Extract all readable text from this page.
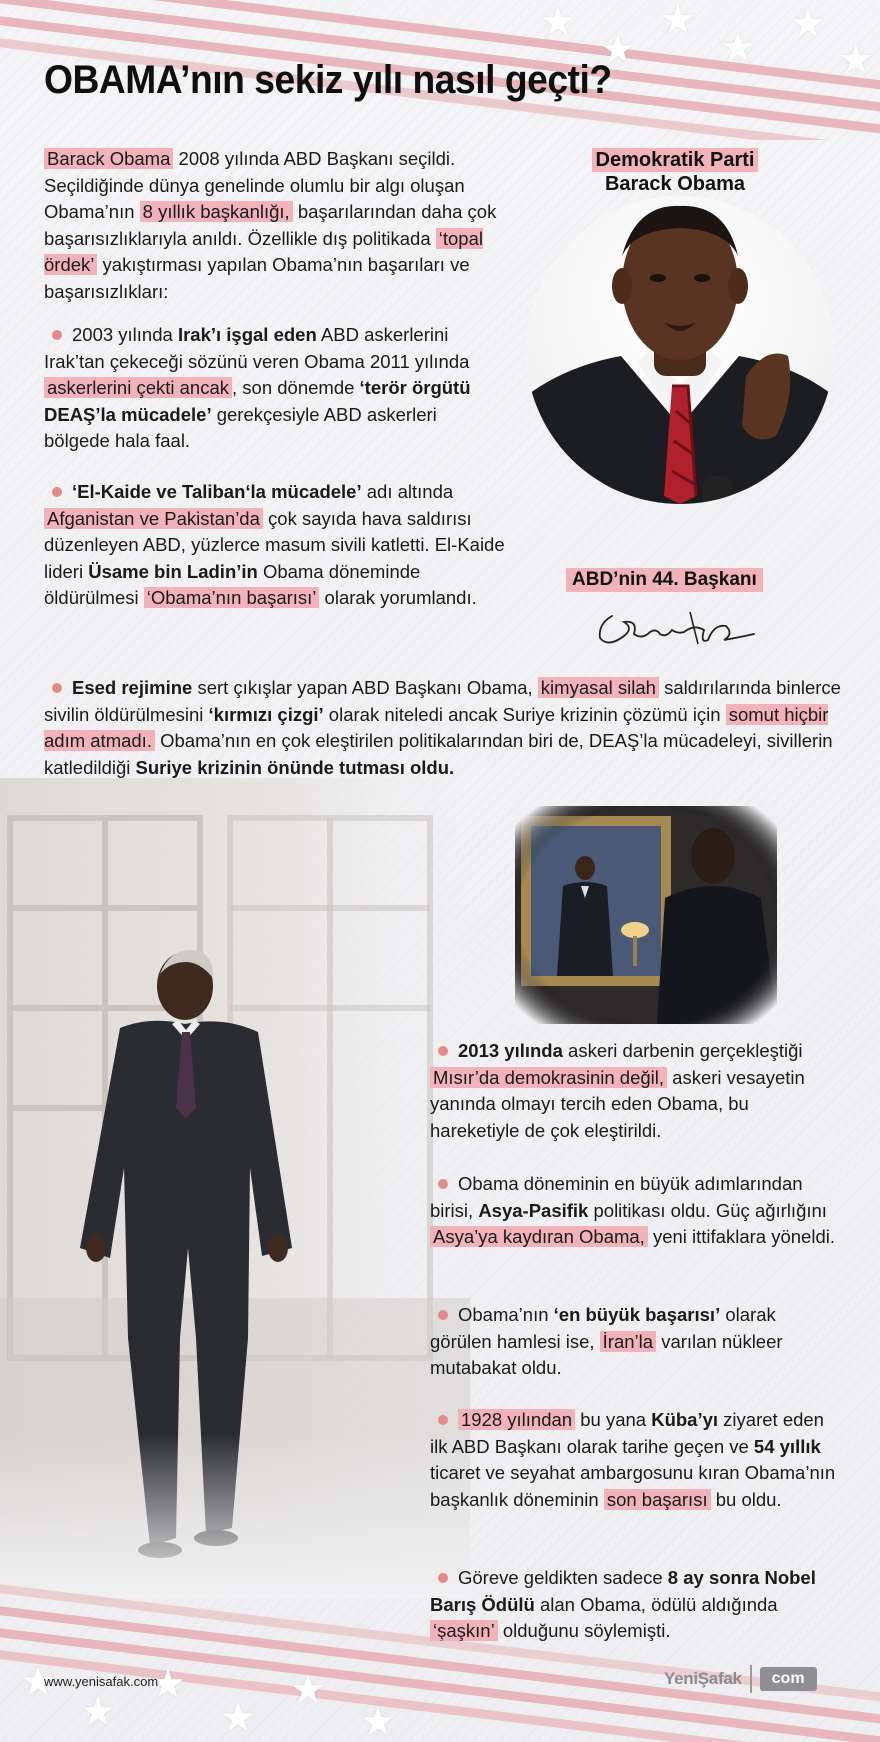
★
★
★
★
★
★
OBAMA’nın sekiz yılı nasıl geçti?
Barack Obama 2008 yılında ABD Başkanı seçildi. Seçildiğinde dünya genelinde olumlu bir algı oluşan Obama’nın 8 yıllık başkanlığı, başarılarından daha çok başarısızlıklarıyla anıldı. Özellikle dış politikada ‘topal ördek’ yakıştırması yapılan Obama’nın başarıları ve başarısızlıkları:
2003 yılında Irak’ı işgal eden ABD askerlerini Irak’tan çekeceği sözünü veren Obama 2011 yılında askerlerini çekti ancak , son dönemde ‘terör örgütü DEAŞ’la mücadele’ gerekçesiyle ABD askerleri bölgede hala faal.
‘El-Kaide ve Taliban‘la mücadele’ adı altında Afganistan ve Pakistan’da çok sayıda hava saldırısı düzenleyen ABD, yüzlerce masum sivili katletti. El-Kaide lideri Üsame bin Ladin’in Obama döneminde öldürülmesi ‘Obama’nın başarısı’ olarak yorumlandı.
Demokratik Parti
Barack Obama
ABD’nin 44. Başkanı
Esed rejimine sert çıkışlar yapan ABD Başkanı Obama, kimyasal silah saldırılarında binlerce sivilin öldürülmesini ‘kırmızı çizgi’ olarak niteledi ancak Suriye krizinin çözümü için somut hiçbir adım atmadı. Obama’nın en çok eleştirilen politikalarından biri de, DEAŞ’la mücadeleyi, sivillerin katledildiği Suriye krizinin önünde tutması oldu.
2013 yılında askeri darbenin gerçekleştiği Mısır’da demokrasinin değil, askeri vesayetin yanında olmayı tercih eden Obama, bu hareketiyle de çok eleştirildi.
Obama döneminin en büyük adımlarından birisi, Asya-Pasifik politikası oldu. Güç ağırlığını Asya’ya kaydıran Obama, yeni ittifaklara yöneldi.
Obama’nın ‘en büyük başarısı’ olarak görülen hamlesi ise, İran’la varılan nükleer mutabakat oldu.
1928 yılından bu yana Küba’yı ziyaret eden ilk ABD Başkanı olarak tarihe geçen ve 54 yıllık ticaret ve seyahat ambargosunu kıran Obama’nın başkanlık döneminin son başarısı bu oldu.
Göreve geldikten sadece 8 ay sonra Nobel Barış Ödülü alan Obama, ödülü aldığında ‘şaşkın’ olduğunu söylemişti.
★
★
★
★
★
★
www.yenisafak.com	YeniŞafak	com
